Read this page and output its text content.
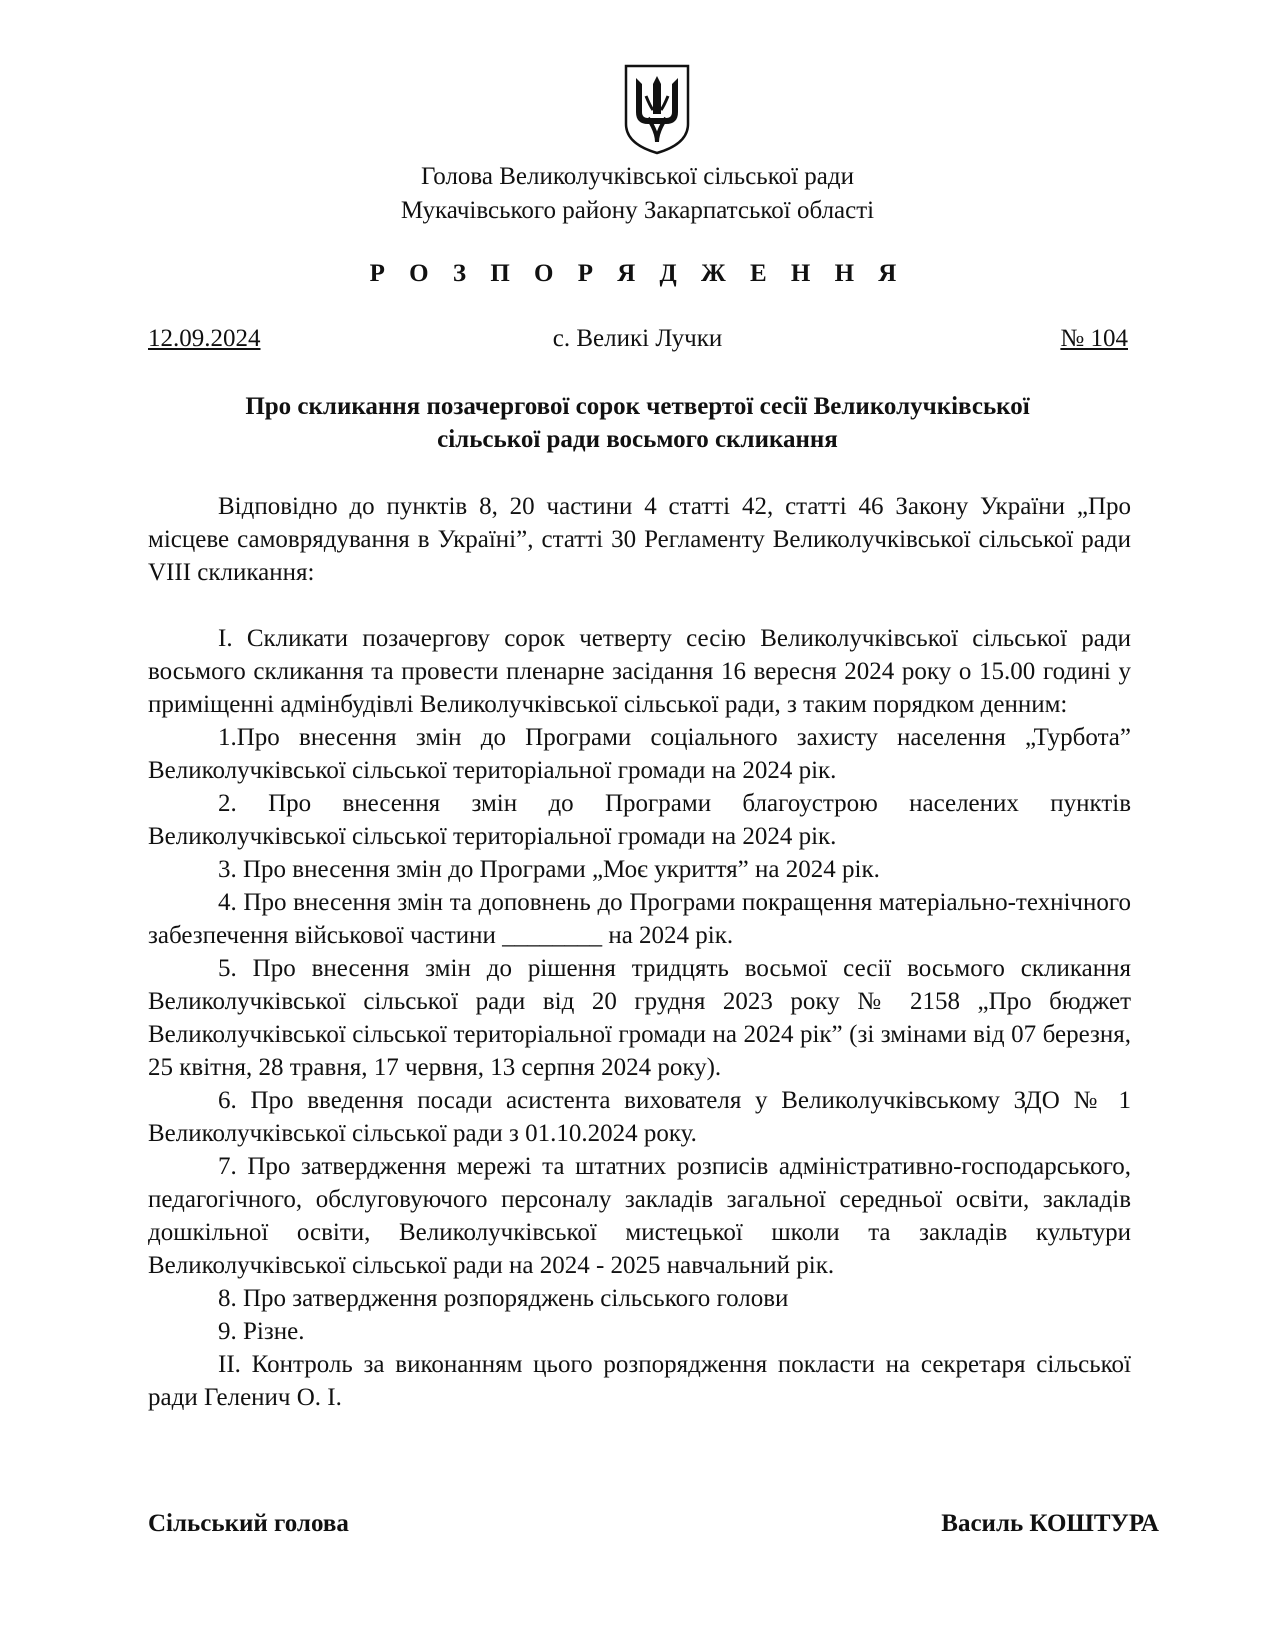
Голова Великолучківської сільської ради
Мукачівського району Закарпатської області
Р О З П О Р Я Д Ж Е Н Н Я
с. Великі Лучки
12.09.2024	№ 104
Про скликання позачергової сорок четвертої сесії Великолучківської
сільської ради восьмого скликання

Відповідно до пунктів 8, 20 частини 4 статті 42, статті 46 Закону України „Про місцеве самоврядування в Україні”, статті 30 Регламенту Великолучківської сільської ради VIII скликання:

I. Скликати позачергову сорок четверту сесію Великолучківської сільської ради восьмого скликання та провести пленарне засідання 16 вересня 2024 року о 15.00 годині у приміщенні адмінбудівлі Великолучківської сільської ради, з таким порядком денним:

1.Про внесення змін до Програми соціального захисту населення „Турбота” Великолучківської сільської територіальної громади на 2024 рік.

2. Про внесення змін до Програми благоустрою населених пунктів Великолучківської сільської територіальної громади на 2024 рік.

3. Про внесення змін до Програми „Моє укриття” на 2024 рік.

4. Про внесення змін та доповнень до Програми покращення матеріально-технічного забезпечення військової частини ________ на 2024 рік.

5. Про внесення змін до рішення тридцять восьмої сесії восьмого скликання Великолучківської сільської ради від 20 грудня 2023 року № 2158 „Про бюджет Великолучківської сільської територіальної громади на 2024 рік” (зі змінами від 07 березня, 25 квітня, 28 травня, 17 червня, 13 серпня 2024 року).

6. Про введення посади асистента вихователя у Великолучківському ЗДО № 1 Великолучківської сільської ради з 01.10.2024 року.

7. Про затвердження мережі та штатних розписів адміністративно-господарського, педагогічного, обслуговуючого персоналу закладів загальної середньої освіти, закладів дошкільної освіти, Великолучківської мистецької школи та закладів культури Великолучківської сільської ради на 2024 - 2025 навчальний рік.

8. Про затвердження розпоряджень сільського голови

9. Різне.

II. Контроль за виконанням цього розпорядження покласти на секретаря сільської ради Геленич О. І.

Сільський голова	Василь КОШТУРА
